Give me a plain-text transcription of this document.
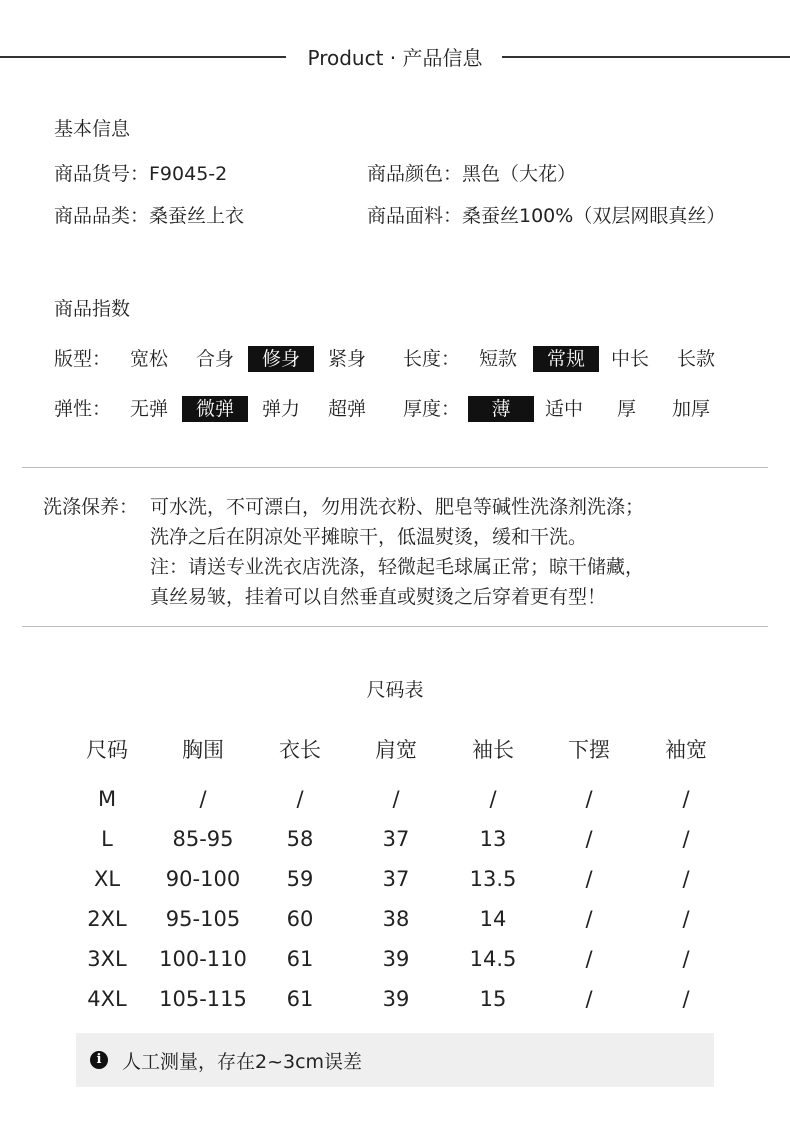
Product · 产品信息
基本信息
商品货号：F9045-2	商品颜色：黑色（大花）
商品品类：桑蚕丝上衣	商品面料：桑蚕丝100%（双层网眼真丝）
商品指数
版型： 宽松 合身	修身	紧身 长度： 短款	常规	中长 长款
弹性： 无弹	微弹	弹力 超弹 厚度：	薄	适中 厚 加厚
洗涤保养： 可水洗，不可漂白，勿用洗衣粉、肥皂等碱性洗涤剂洗涤；
洗净之后在阴凉处平摊晾干，低温熨烫，缓和干洗。
注：请送专业洗衣店洗涤，轻微起毛球属正常；晾干储藏，
真丝易皱，挂着可以自然垂直或熨烫之后穿着更有型！
尺码表
尺码	胸围	衣长	肩宽	袖长	下摆	袖宽
M	/	/	/	/	/	/
L	85-95	58	37	13	/	/
XL	90-100	59	37	13.5	/	/
2XL	95-105	60	38	14	/	/
3XL	100-110	61	39	14.5	/	/
4XL	105-115	61	39	15	/	/
i	人工测量，存在2~3cm误差
